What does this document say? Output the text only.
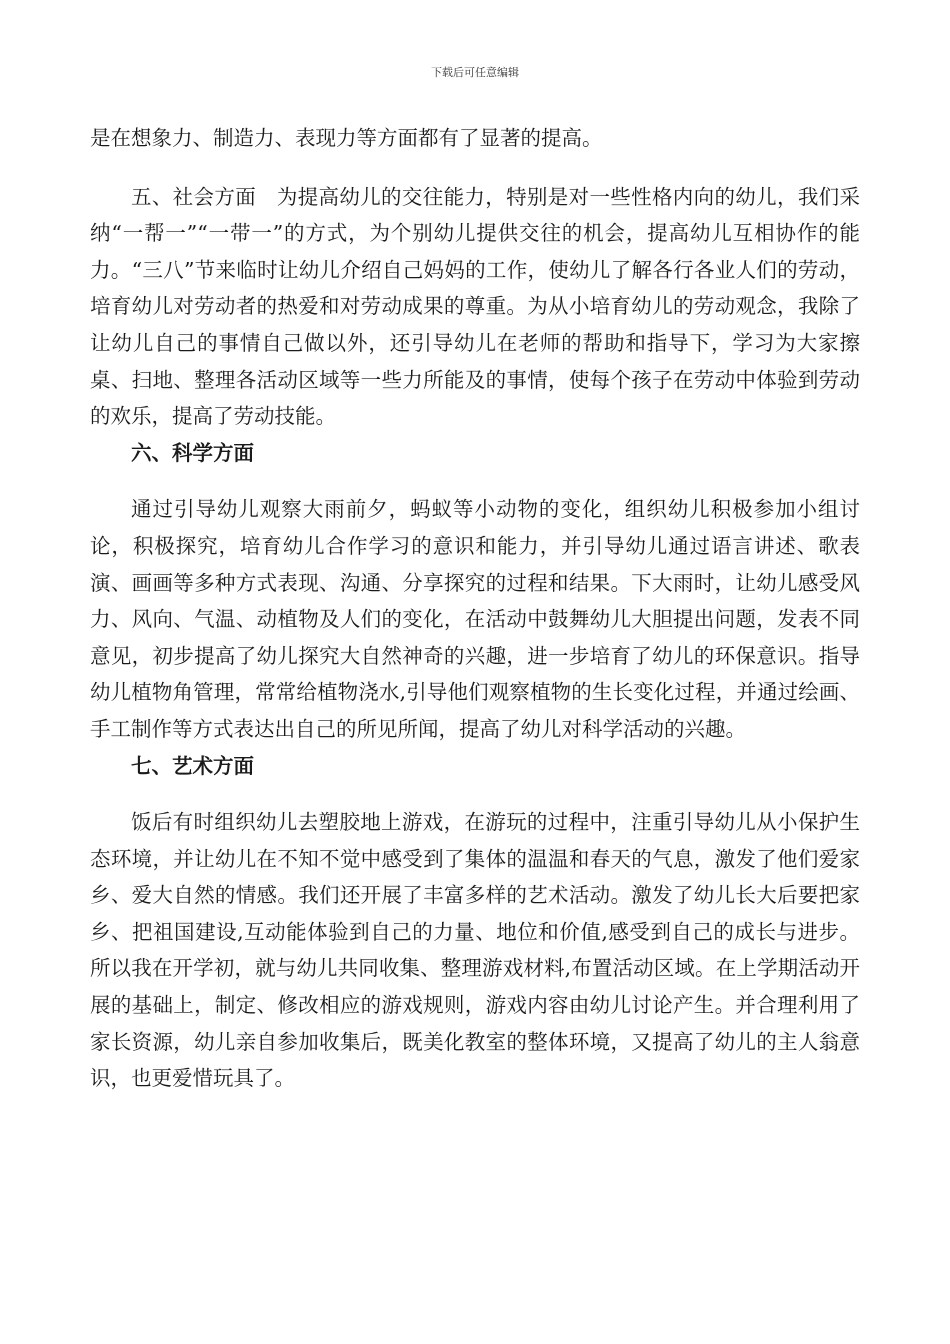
下载后可任意编辑

是在想象力、制造力、表现力等方面都有了显著的提高。

五、社会方面　为提高幼儿的交往能力，特别是对一些性格内向的幼儿，我们采纳“一帮一”“一带一”的方式，为个别幼儿提供交往的机会，提高幼儿互相协作的能力。“三八”节来临时让幼儿介绍自己妈妈的工作，使幼儿了解各行各业人们的劳动，培育幼儿对劳动者的热爱和对劳动成果的尊重。为从小培育幼儿的劳动观念，我除了让幼儿自己的事情自己做以外，还引导幼儿在老师的帮助和指导下，学习为大家擦桌、扫地、整理各活动区域等一些力所能及的事情，使每个孩子在劳动中体验到劳动的欢乐，提高了劳动技能。

六、科学方面

通过引导幼儿观察大雨前夕，蚂蚁等小动物的变化，组织幼儿积极参加小组讨论，积极探究，培育幼儿合作学习的意识和能力，并引导幼儿通过语言讲述、歌表演、画画等多种方式表现、沟通、分享探究的过程和结果。下大雨时，让幼儿感受风力、风向、气温、动植物及人们的变化，在活动中鼓舞幼儿大胆提出问题，发表不同意见，初步提高了幼儿探究大自然神奇的兴趣，进一步培育了幼儿的环保意识。指导幼儿植物角管理，常常给植物浇水,引导他们观察植物的生长变化过程，并通过绘画、手工制作等方式表达出自己的所见所闻，提高了幼儿对科学活动的兴趣。

七、艺术方面

饭后有时组织幼儿去塑胶地上游戏，在游玩的过程中，注重引导幼儿从小保护生态环境，并让幼儿在不知不觉中感受到了集体的温温和春天的气息，激发了他们爱家乡、爱大自然的情感。我们还开展了丰富多样的艺术活动。激发了幼儿长大后要把家乡、把祖国建设,互动能体验到自己的力量、地位和价值,感受到自己的成长与进步。所以我在开学初，就与幼儿共同收集、整理游戏材料,布置活动区域。在上学期活动开展的基础上，制定、修改相应的游戏规则，游戏内容由幼儿讨论产生。并合理利用了家长资源，幼儿亲自参加收集后，既美化教室的整体环境，又提高了幼儿的主人翁意识，也更爱惜玩具了。
